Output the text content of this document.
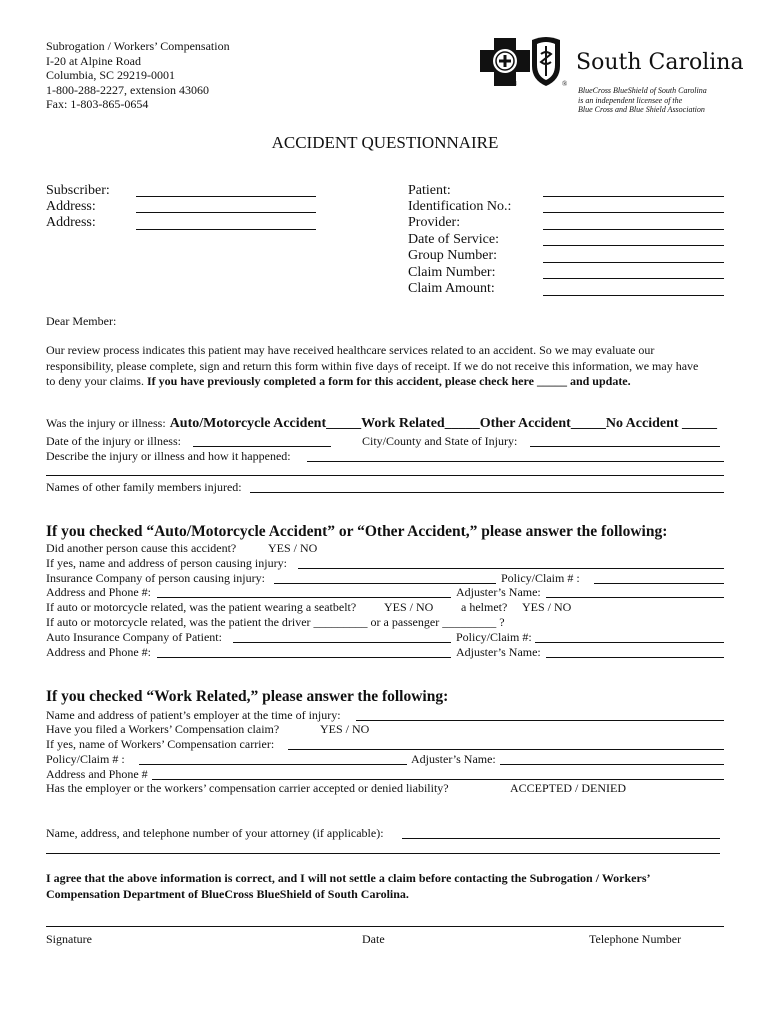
Subrogation / Workers’ Compensation
I-20 at Alpine Road
Columbia, SC 29219-0001
1-800-288-2227, extension 43060
Fax: 1-803-865-0654
®	®
South Carolina
BlueCross BlueShield of South Carolina
is an independent licensee of the
Blue Cross and Blue Shield Association
ACCIDENT QUESTIONNAIRE
Subscriber:
Address:
Address:
Patient:
Identification No.:
Provider:
Date of Service:
Group Number:
Claim Number:
Claim Amount:
Dear Member:
Our review process indicates this patient may have received healthcare services related to an accident. So we may evaluate our responsibility, please complete, sign and return this form within five days of receipt. If we do not receive this information, we may have to deny your claims. If you have previously completed a form for this accident, please check here _____ and update.
Was the injury or illness: Auto/Motorcycle Accident_____Work Related_____Other Accident_____No Accident _____
Date of the injury or illness:	City/County and State of Injury:
Describe the injury or illness and how it happened:
Names of other family members injured:
If you checked “Auto/Motorcycle Accident” or “Other Accident,” please answer the following:
Did another person cause this accident?	YES / NO
If yes, name and address of person causing injury:
Insurance Company of person causing injury:	Policy/Claim # :
Address and Phone #:	Adjuster’s Name:
If auto or motorcycle related, was the patient wearing a seatbelt? YES / NO a helmet? YES / NO
If auto or motorcycle related, was the patient the driver _________ or a passenger _________ ?
Auto Insurance Company of Patient:	Policy/Claim #:
Address and Phone #:	Adjuster’s Name:
If you checked “Work Related,” please answer the following:
Name and address of patient’s employer at the time of injury:
Have you filed a Workers’ Compensation claim?	YES / NO
If yes, name of Workers’ Compensation carrier:
Policy/Claim # :	Adjuster’s Name:
Address and Phone #
Has the employer or the workers’ compensation carrier accepted or denied liability?	ACCEPTED / DENIED
Name, address, and telephone number of your attorney (if applicable):
I agree that the above information is correct, and I will not settle a claim before contacting the Subrogation / Workers’ Compensation Department of BlueCross BlueShield of South Carolina.
Signature	Date	Telephone Number
